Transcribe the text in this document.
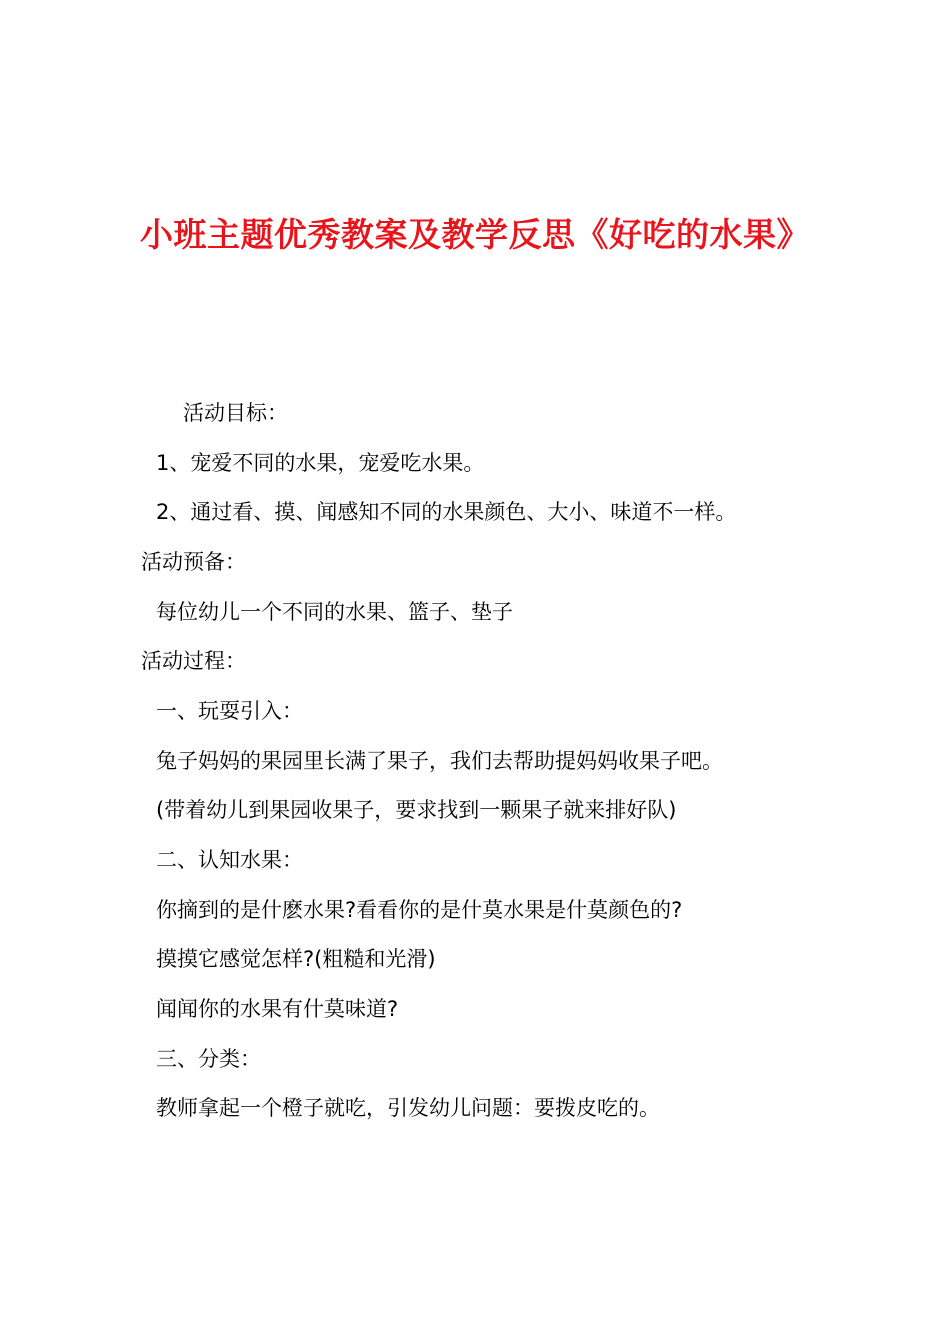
小班主题优秀教案及教学反思《好吃的水果》
活动目标：
1、宠爱不同的水果，宠爱吃水果。
2、通过看、摸、闻感知不同的水果颜色、大小、味道不一样。
活动预备：
每位幼儿一个不同的水果、篮子、垫子
活动过程：
一、玩耍引入：
兔子妈妈的果园里长满了果子，我们去帮助提妈妈收果子吧。
(带着幼儿到果园收果子，要求找到一颗果子就来排好队)
二、认知水果：
你摘到的是什麽水果?看看你的是什莫水果是什莫颜色的?
摸摸它感觉怎样?(粗糙和光滑)
闻闻你的水果有什莫味道?
三、分类：
教师拿起一个橙子就吃，引发幼儿问题：要拨皮吃的。
